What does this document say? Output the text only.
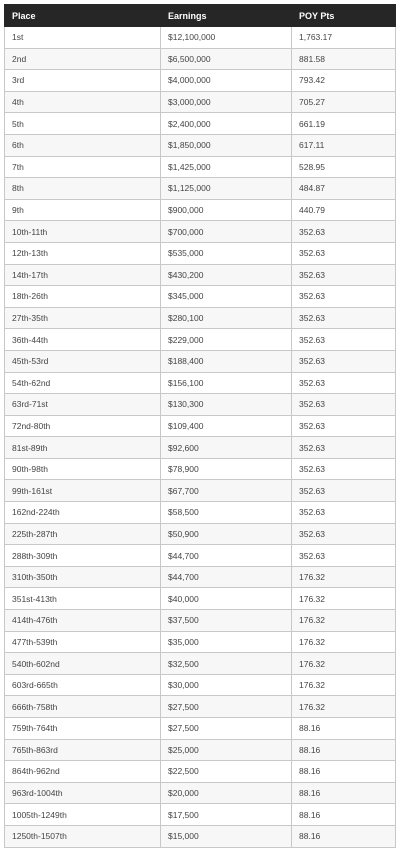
Place	Earnings	POY Pts
1st	$12,100,000	1,763.17
2nd	$6,500,000	881.58
3rd	$4,000,000	793.42
4th	$3,000,000	705.27
5th	$2,400,000	661.19
6th	$1,850,000	617.11
7th	$1,425,000	528.95
8th	$1,125,000	484.87
9th	$900,000	440.79
10th-11th	$700,000	352.63
12th-13th	$535,000	352.63
14th-17th	$430,200	352.63
18th-26th	$345,000	352.63
27th-35th	$280,100	352.63
36th-44th	$229,000	352.63
45th-53rd	$188,400	352.63
54th-62nd	$156,100	352.63
63rd-71st	$130,300	352.63
72nd-80th	$109,400	352.63
81st-89th	$92,600	352.63
90th-98th	$78,900	352.63
99th-161st	$67,700	352.63
162nd-224th	$58,500	352.63
225th-287th	$50,900	352.63
288th-309th	$44,700	352.63
310th-350th	$44,700	176.32
351st-413th	$40,000	176.32
414th-476th	$37,500	176.32
477th-539th	$35,000	176.32
540th-602nd	$32,500	176.32
603rd-665th	$30,000	176.32
666th-758th	$27,500	176.32
759th-764th	$27,500	88.16
765th-863rd	$25,000	88.16
864th-962nd	$22,500	88.16
963rd-1004th	$20,000	88.16
1005th-1249th	$17,500	88.16
1250th-1507th	$15,000	88.16
